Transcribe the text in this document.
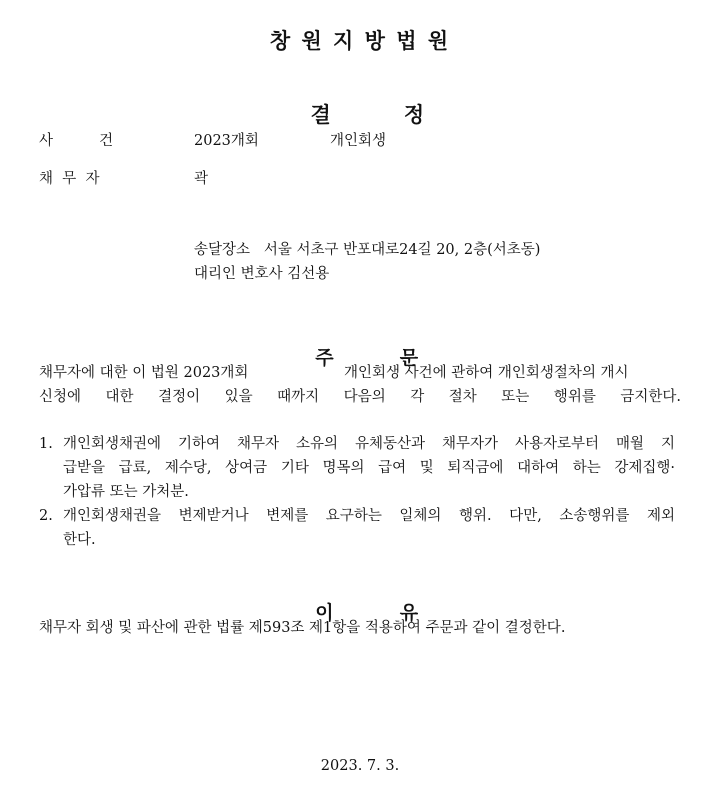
창 원 지 방 법 원

결          정

사          건	2023개회	개인회생
채  무  자	곽
송달장소   서울 서초구 반포대로24길 20, 2층(서초동)
대리인 변호사 김선용

주          문

채무자에 대한 이 법원 2023개회	개인회생 사건에 관하여 개인회생절차의 개시
신청에 대한 결정이 있을 때까지 다음의 각 절차 또는 행위를 금지한다.
1. 개인회생채권에 기하여 채무자 소유의 유체동산과 채무자가 사용자로부터 매월 지
급받을 급료, 제수당, 상여금 기타 명목의 급여 및 퇴직금에 대하여 하는 강제집행·
가압류 또는 가처분.
2. 개인회생채권을 변제받거나 변제를 요구하는 일체의 행위. 다만, 소송행위를 제외
한다.

이          유

채무자 회생 및 파산에 관한 법률 제593조 제1항을 적용하여 주문과 같이 결정한다.
2023. 7. 3.
